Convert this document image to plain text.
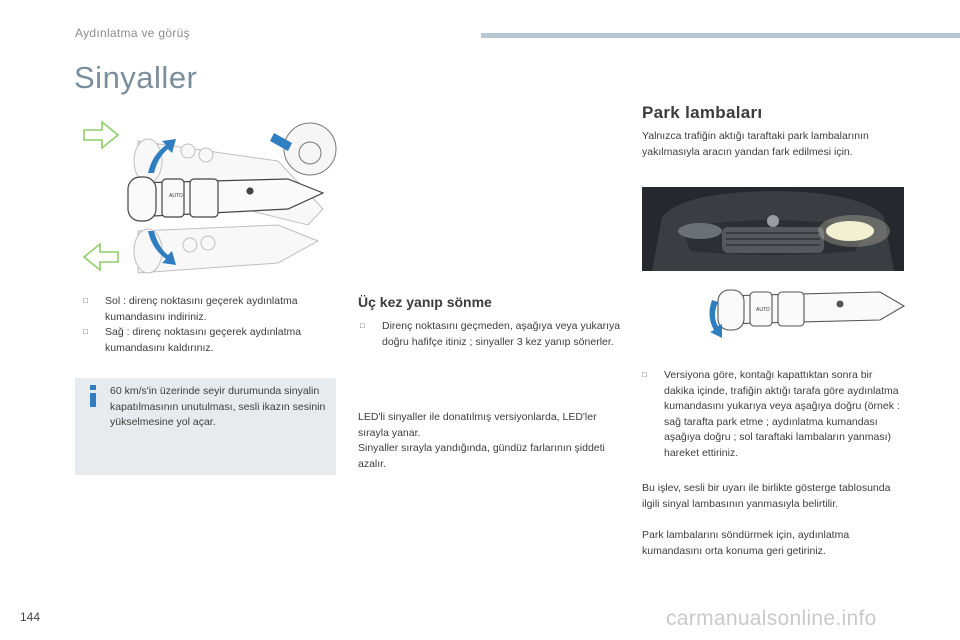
Aydınlatma ve görüş
Sinyaller
AUTO
□	Sol : direnç noktasını geçerek aydınlatma kumandasını indiriniz.

□	Sağ : direnç noktasını geçerek aydınlatma kumandasını kaldırınız.

60 km/s'in üzerinde seyir durumunda sinyalin kapatılmasının unutulması, sesli ikazın sesinin yükselmesine yol açar.

Üç kez yanıp sönme
□	Direnç noktasını geçmeden, aşağıya veya yukarıya doğru hafifçe itiniz ; sinyaller 3 kez yanıp sönerler.

LED'li sinyaller ile donatılmış versiyonlarda, LED'ler sırayla yanar.

Sinyaller sırayla yandığında, gündüz farlarının şiddeti azalır.

Park lambaları

Yalnızca trafiğin aktığı taraftaki park lambalarının yakılmasıyla aracın yandan fark edilmesi için.

AUTO
□	Versiyona göre, kontağı kapattıktan sonra bir dakika içinde, trafiğin aktığı tarafa göre aydınlatma kumandasını yukarıya veya aşağıya doğru (örnek : sağ tarafta park etme ; aydınlatma kumandası aşağıya doğru ; sol taraftaki lambaların yanması) hareket ettiriniz.

Bu işlev, sesli bir uyarı ile birlikte gösterge tablosunda ilgili sinyal lambasının yanmasıyla belirtilir.

Park lambalarını söndürmek için, aydınlatma kumandasını orta konuma geri getiriniz.

144	carmanualsonline.info
